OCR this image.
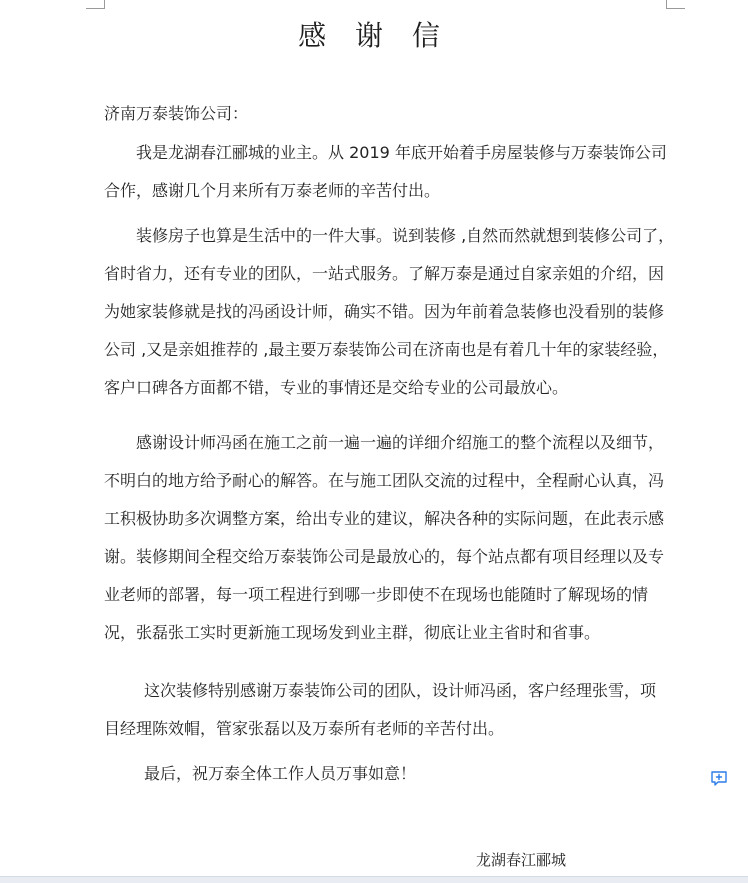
感 谢 信
济南万泰装饰公司：
我是龙湖春江郦城的业主。从 2019 年底开始着手房屋装修与万泰装饰公司
合作，感谢几个月来所有万泰老师的辛苦付出。
装修房子也算是生活中的一件大事。说到装修 ,自然而然就想到装修公司了，
省时省力，还有专业的团队，一站式服务。了解万泰是通过自家亲姐的介绍，因
为她家装修就是找的冯函设计师，确实不错。因为年前着急装修也没看别的装修
公司 ,又是亲姐推荐的 ,最主要万泰装饰公司在济南也是有着几十年的家装经验，
客户口碑各方面都不错，专业的事情还是交给专业的公司最放心。
感谢设计师冯函在施工之前一遍一遍的详细介绍施工的整个流程以及细节，
不明白的地方给予耐心的解答。在与施工团队交流的过程中，全程耐心认真，冯
工积极协助多次调整方案，给出专业的建议，解决各种的实际问题，在此表示感
谢。装修期间全程交给万泰装饰公司是最放心的，每个站点都有项目经理以及专
业老师的部署，每一项工程进行到哪一步即使不在现场也能随时了解现场的情
况，张磊张工实时更新施工现场发到业主群，彻底让业主省时和省事。
这次装修特别感谢万泰装饰公司的团队，设计师冯函，客户经理张雪，项
目经理陈效帽，管家张磊以及万泰所有老师的辛苦付出。
最后，祝万泰全体工作人员万事如意！
龙湖春江郦城
